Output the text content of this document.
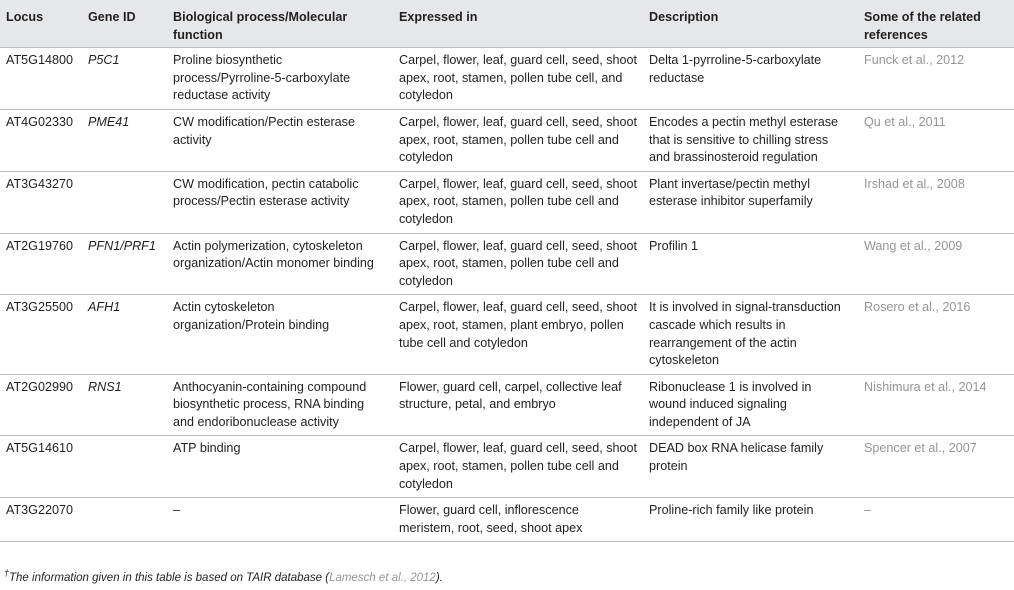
Locus	Gene ID	Biological process/Molecular function	Expressed in	Description	Some of the related references
AT5G14800	P5C1	Proline biosynthetic process/Pyrroline-5-carboxylate reductase activity	Carpel, flower, leaf, guard cell, seed, shoot apex, root, stamen, pollen tube cell, and cotyledon	Delta 1-pyrroline-5-carboxylate reductase	Funck et al., 2012
AT4G02330	PME41	CW modification/Pectin esterase activity	Carpel, flower, leaf, guard cell, seed, shoot apex, root, stamen, pollen tube cell and cotyledon	Encodes a pectin methyl esterase that is sensitive to chilling stress and brassinosteroid regulation	Qu et al., 2011
AT3G43270		CW modification, pectin catabolic process/Pectin esterase activity	Carpel, flower, leaf, guard cell, seed, shoot apex, root, stamen, pollen tube cell and cotyledon	Plant invertase/pectin methyl esterase inhibitor superfamily	Irshad et al., 2008
AT2G19760	PFN1/PRF1	Actin polymerization, cytoskeleton organization/Actin monomer binding	Carpel, flower, leaf, guard cell, seed, shoot apex, root, stamen, pollen tube cell and cotyledon	Profilin 1	Wang et al., 2009
AT3G25500	AFH1	Actin cytoskeleton organization/Protein binding	Carpel, flower, leaf, guard cell, seed, shoot apex, root, stamen, plant embryo, pollen tube cell and cotyledon	It is involved in signal-transduction cascade which results in rearrangement of the actin cytoskeleton	Rosero et al., 2016
AT2G02990	RNS1	Anthocyanin-containing compound biosynthetic process, RNA binding and endoribonuclease activity	Flower, guard cell, carpel, collective leaf structure, petal, and embryo	Ribonuclease 1 is involved in wound induced signaling independent of JA	Nishimura et al., 2014
AT5G14610		ATP binding	Carpel, flower, leaf, guard cell, seed, shoot apex, root, stamen, pollen tube cell and cotyledon	DEAD box RNA helicase family protein	Spencer et al., 2007
AT3G22070		–	Flower, guard cell, inflorescence meristem, root, seed, shoot apex	Proline-rich family like protein	–
†The information given in this table is based on TAIR database (Lamesch et al., 2012).
